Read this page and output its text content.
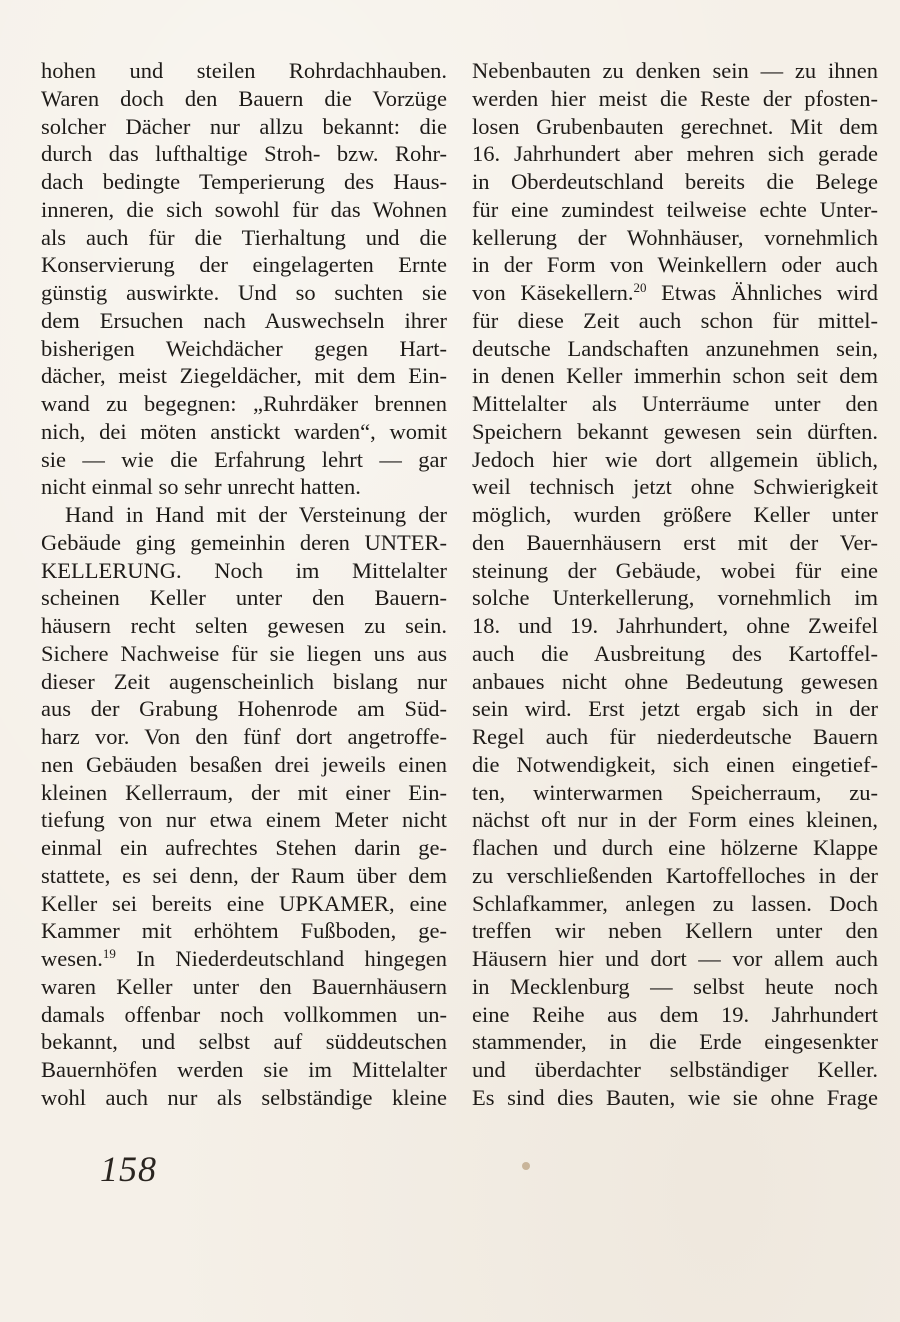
hohen und steilen Rohrdachhauben.
Waren doch den Bauern die Vorzüge
solcher Dächer nur allzu bekannt: die
durch das lufthaltige Stroh- bzw. Rohr-
dach bedingte Temperierung des Haus-
inneren, die sich sowohl für das Wohnen
als auch für die Tierhaltung und die
Konservierung der eingelagerten Ernte
günstig auswirkte. Und so suchten sie
dem Ersuchen nach Auswechseln ihrer
bisherigen Weichdächer gegen Hart-
dächer, meist Ziegeldächer, mit dem Ein-
wand zu begegnen: „Ruhrdäker brennen
nich, dei möten anstickt warden“, womit
sie — wie die Erfahrung lehrt — gar
nicht einmal so sehr unrecht hatten.
Hand in Hand mit der Versteinung der
Gebäude ging gemeinhin deren UNTER-
KELLERUNG. Noch im Mittelalter
scheinen Keller unter den Bauern-
häusern recht selten gewesen zu sein.
Sichere Nachweise für sie liegen uns aus
dieser Zeit augenscheinlich bislang nur
aus der Grabung Hohenrode am Süd-
harz vor. Von den fünf dort angetroffe-
nen Gebäuden besaßen drei jeweils einen
kleinen Kellerraum, der mit einer Ein-
tiefung von nur etwa einem Meter nicht
einmal ein aufrechtes Stehen darin ge-
stattete, es sei denn, der Raum über dem
Keller sei bereits eine UPKAMER, eine
Kammer mit erhöhtem Fußboden, ge-
wesen.$^{19}$ In Niederdeutschland hingegen
waren Keller unter den Bauernhäusern
damals offenbar noch vollkommen un-
bekannt, und selbst auf süddeutschen
Bauernhöfen werden sie im Mittelalter
wohl auch nur als selbständige kleine
Nebenbauten zu denken sein — zu ihnen
werden hier meist die Reste der pfosten-
losen Grubenbauten gerechnet. Mit dem
16. Jahrhundert aber mehren sich gerade
in Oberdeutschland bereits die Belege
für eine zumindest teilweise echte Unter-
kellerung der Wohnhäuser, vornehmlich
in der Form von Weinkellern oder auch
von Käsekellern.$^{20}$ Etwas Ähnliches wird
für diese Zeit auch schon für mittel-
deutsche Landschaften anzunehmen sein,
in denen Keller immerhin schon seit dem
Mittelalter als Unterräume unter den
Speichern bekannt gewesen sein dürften.
Jedoch hier wie dort allgemein üblich,
weil technisch jetzt ohne Schwierigkeit
möglich, wurden größere Keller unter
den Bauernhäusern erst mit der Ver-
steinung der Gebäude, wobei für eine
solche Unterkellerung, vornehmlich im
18. und 19. Jahrhundert, ohne Zweifel
auch die Ausbreitung des Kartoffel-
anbaues nicht ohne Bedeutung gewesen
sein wird. Erst jetzt ergab sich in der
Regel auch für niederdeutsche Bauern
die Notwendigkeit, sich einen eingetief-
ten, winterwarmen Speicherraum, zu-
nächst oft nur in der Form eines kleinen,
flachen und durch eine hölzerne Klappe
zu verschließenden Kartoffelloches in der
Schlafkammer, anlegen zu lassen. Doch
treffen wir neben Kellern unter den
Häusern hier und dort — vor allem auch
in Mecklenburg — selbst heute noch
eine Reihe aus dem 19. Jahrhundert
stammender, in die Erde eingesenkter
und überdachter selbständiger Keller.
Es sind dies Bauten, wie sie ohne Frage
158
